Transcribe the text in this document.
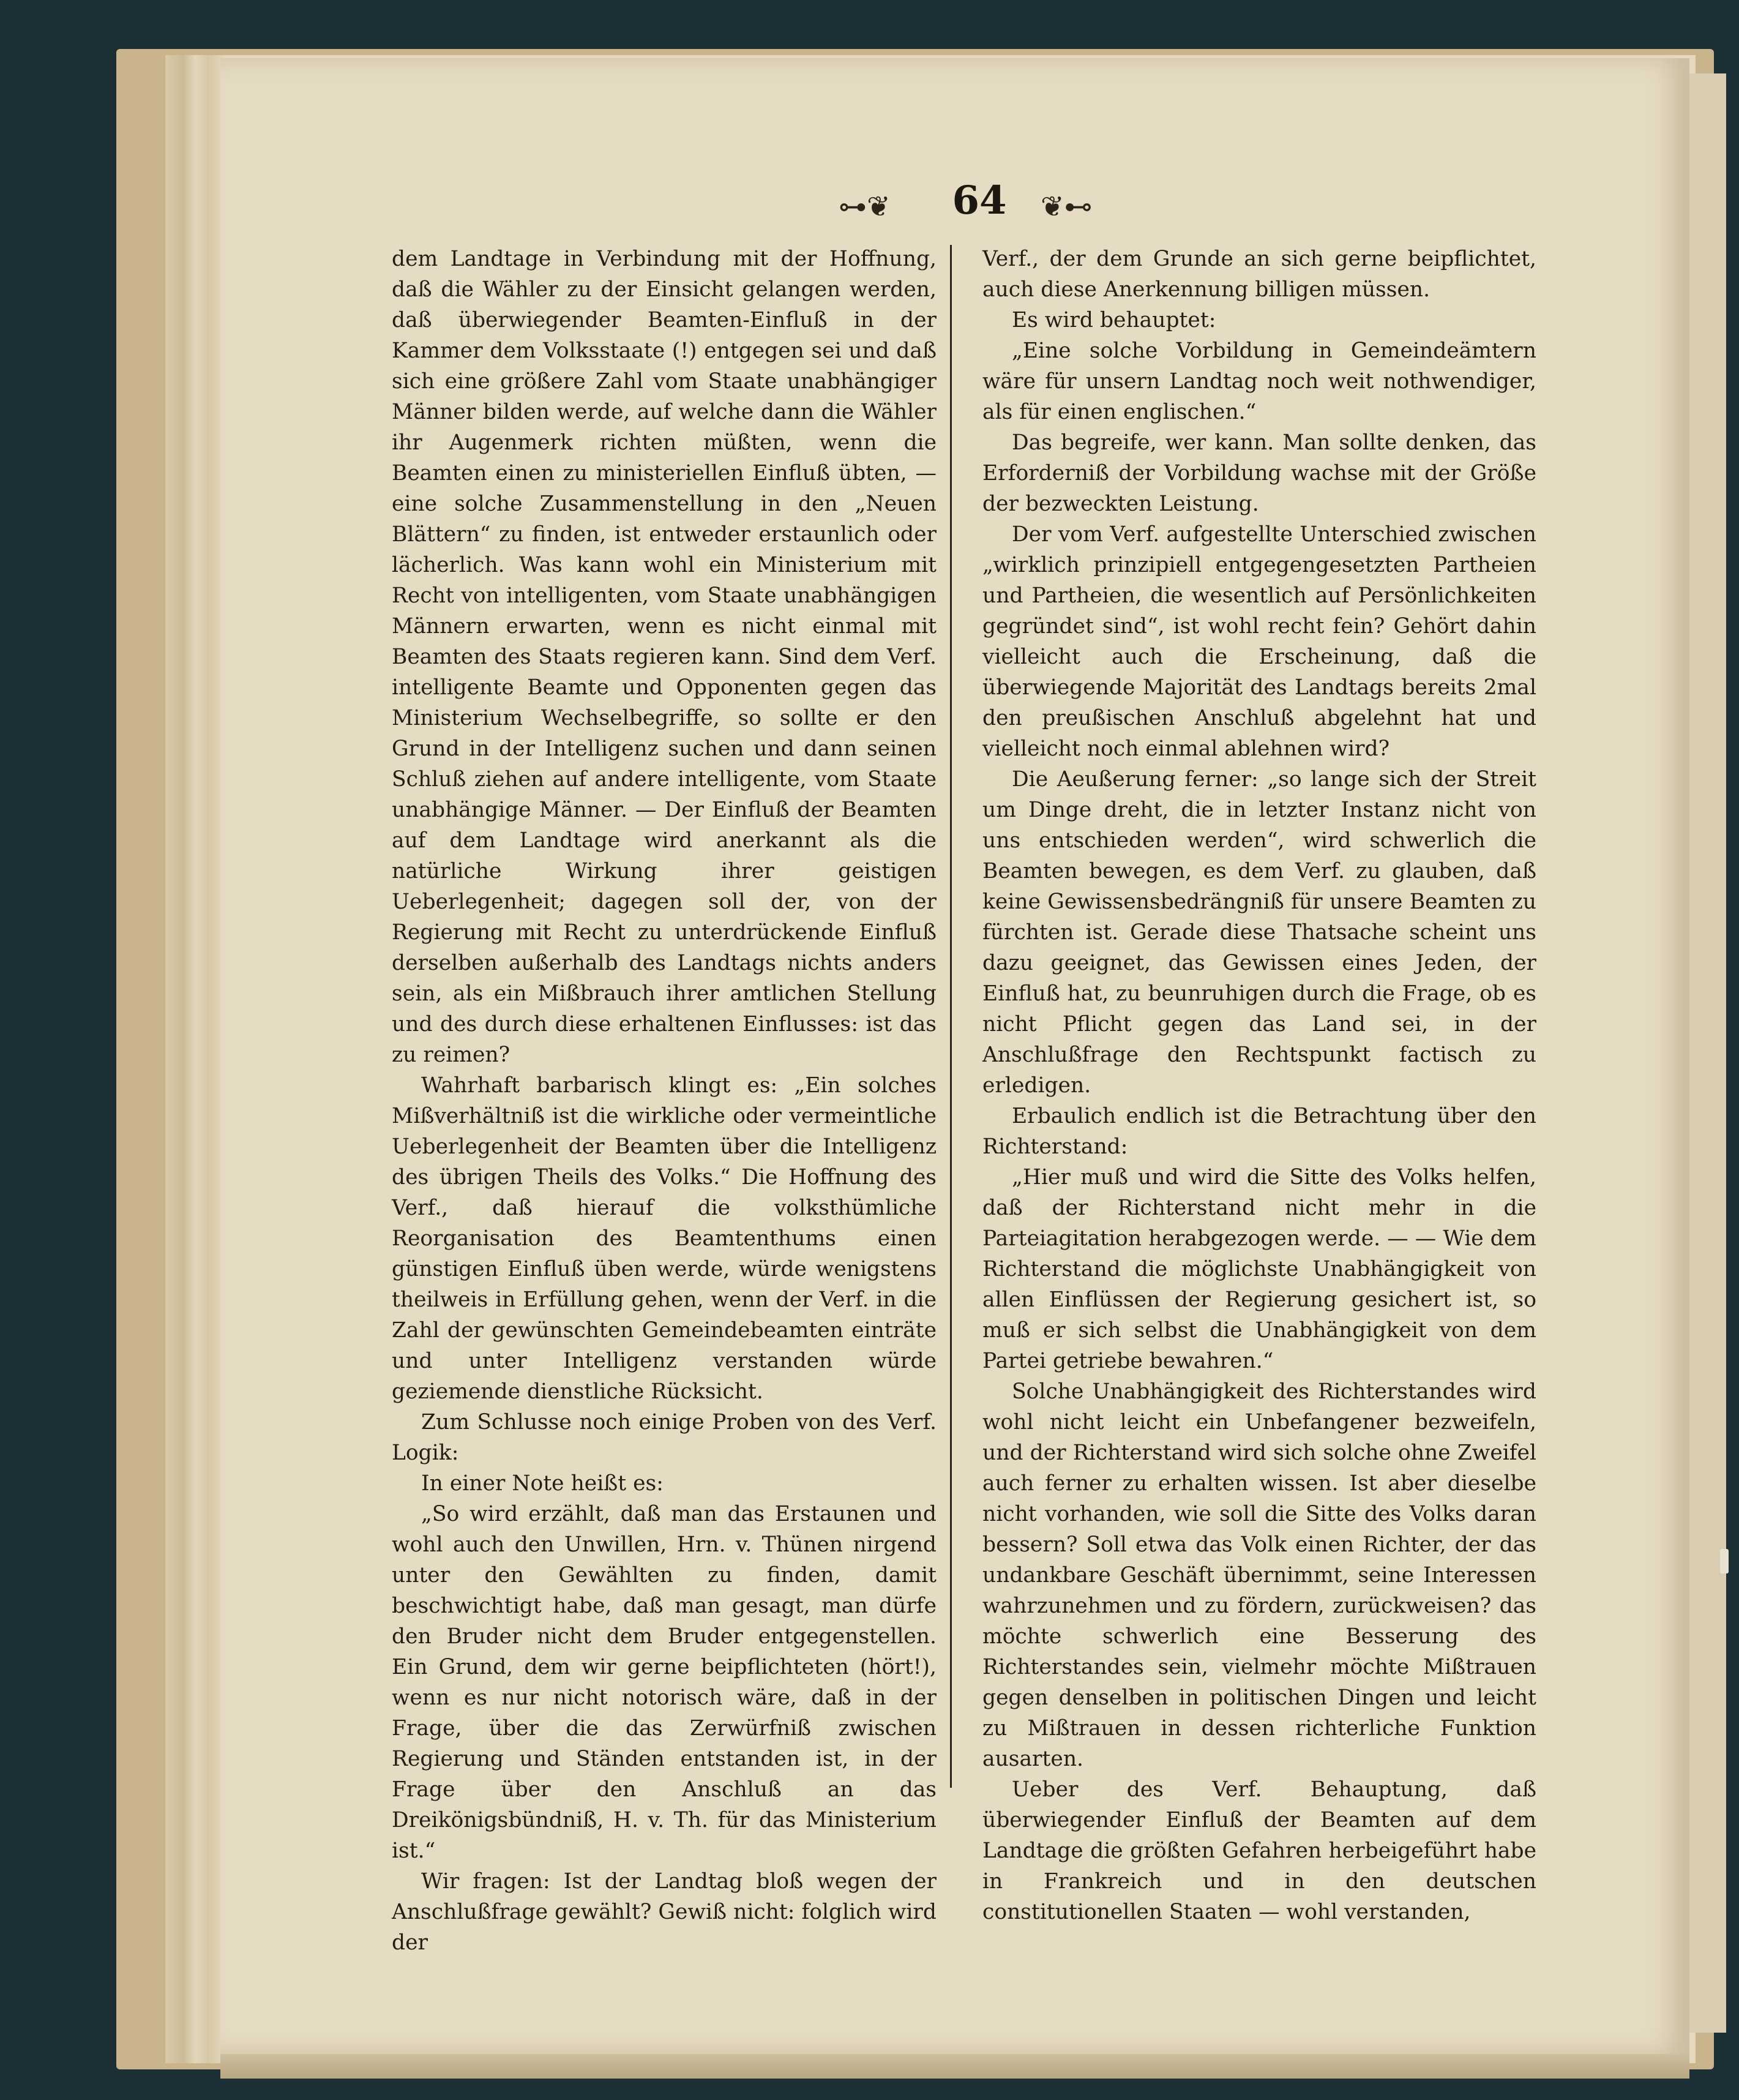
⊶❦	64	❦⊷

dem Landtage in Verbindung mit der Hoffnung, daß die Wähler zu der Einsicht gelangen werden, daß überwiegender Beamten-Einfluß in der Kammer dem Volksstaate (!) entgegen sei und daß sich eine größere Zahl vom Staate unabhängiger Männer bilden werde, auf welche dann die Wähler ihr Augenmerk richten müßten, wenn die Beamten einen zu ministeriellen Einfluß übten, — eine solche Zusammenstellung in den „Neuen Blättern“ zu finden, ist entweder erstaunlich oder lächerlich. Was kann wohl ein Ministerium mit Recht von intelligenten, vom Staate unabhängigen Männern erwarten, wenn es nicht einmal mit Beamten des Staats regieren kann. Sind dem Verf. intelligente Beamte und Opponenten gegen das Ministerium Wechselbegriffe, so sollte er den Grund in der Intelligenz suchen und dann seinen Schluß ziehen auf andere intelligente, vom Staate unabhängige Männer. — Der Einfluß der Beamten auf dem Landtage wird anerkannt als die natürliche Wirkung ihrer geistigen Ueberlegenheit; dagegen soll der, von der Regierung mit Recht zu unterdrückende Einfluß derselben außerhalb des Landtags nichts anders sein, als ein Mißbrauch ihrer amtlichen Stellung und des durch diese erhaltenen Einflusses: ist das zu reimen?

Wahrhaft barbarisch klingt es: „Ein solches Mißverhältniß ist die wirkliche oder vermeintliche Ueberlegenheit der Beamten über die Intelligenz des übrigen Theils des Volks.“ Die Hoffnung des Verf., daß hierauf die volksthümliche Reorganisation des Beamtenthums einen günstigen Einfluß üben werde, würde wenigstens theilweis in Erfüllung gehen, wenn der Verf. in die Zahl der gewünschten Gemeindebeamten einträte und unter Intelligenz verstanden würde geziemende dienstliche Rücksicht.

Zum Schlusse noch einige Proben von des Verf. Logik:

In einer Note heißt es:

„So wird erzählt, daß man das Erstaunen und wohl auch den Unwillen, Hrn. v. Thünen nirgend unter den Gewählten zu finden, damit beschwichtigt habe, daß man gesagt, man dürfe den Bruder nicht dem Bruder entgegenstellen. Ein Grund, dem wir gerne beipflichteten (hört!), wenn es nur nicht notorisch wäre, daß in der Frage, über die das Zerwürfniß zwischen Regierung und Ständen entstanden ist, in der Frage über den Anschluß an das Dreikönigsbündniß, H. v. Th. für das Ministerium ist.“

Wir fragen: Ist der Landtag bloß wegen der Anschlußfrage gewählt? Gewiß nicht: folglich wird der

Verf., der dem Grunde an sich gerne beipflichtet, auch diese Anerkennung billigen müssen.

Es wird behauptet:

„Eine solche Vorbildung in Gemeindeämtern wäre für unsern Landtag noch weit nothwendiger, als für einen englischen.“

Das begreife, wer kann. Man sollte denken, das Erforderniß der Vorbildung wachse mit der Größe der bezweckten Leistung.

Der vom Verf. aufgestellte Unterschied zwischen „wirklich prinzipiell entgegengesetzten Partheien und Partheien, die wesentlich auf Persönlichkeiten gegründet sind“, ist wohl recht fein? Gehört dahin vielleicht auch die Erscheinung, daß die überwiegende Majorität des Landtags bereits 2mal den preußischen Anschluß abgelehnt hat und vielleicht noch einmal ablehnen wird?

Die Aeußerung ferner: „so lange sich der Streit um Dinge dreht, die in letzter Instanz nicht von uns entschieden werden“, wird schwerlich die Beamten bewegen, es dem Verf. zu glauben, daß keine Gewissensbedrängniß für unsere Beamten zu fürchten ist. Gerade diese Thatsache scheint uns dazu geeignet, das Gewissen eines Jeden, der Einfluß hat, zu beunruhigen durch die Frage, ob es nicht Pflicht gegen das Land sei, in der Anschlußfrage den Rechtspunkt factisch zu erledigen.

Erbaulich endlich ist die Betrachtung über den Richterstand:

„Hier muß und wird die Sitte des Volks helfen, daß der Richterstand nicht mehr in die Parteiagitation herabgezogen werde. — — Wie dem Richterstand die möglichste Unabhängigkeit von allen Einflüssen der Regierung gesichert ist, so muß er sich selbst die Unabhängigkeit von dem Partei getriebe bewahren.“

Solche Unabhängigkeit des Richterstandes wird wohl nicht leicht ein Unbefangener bezweifeln, und der Richterstand wird sich solche ohne Zweifel auch ferner zu erhalten wissen. Ist aber dieselbe nicht vorhanden, wie soll die Sitte des Volks daran bessern? Soll etwa das Volk einen Richter, der das undankbare Geschäft übernimmt, seine Interessen wahrzunehmen und zu fördern, zurückweisen? das möchte schwerlich eine Besserung des Richterstandes sein, vielmehr möchte Mißtrauen gegen denselben in politischen Dingen und leicht zu Mißtrauen in dessen richterliche Funktion ausarten.

Ueber des Verf. Behauptung, daß überwiegender Einfluß der Beamten auf dem Landtage die größten Gefahren herbeigeführt habe in Frankreich und in den deutschen constitutionellen Staaten — wohl verstanden,
